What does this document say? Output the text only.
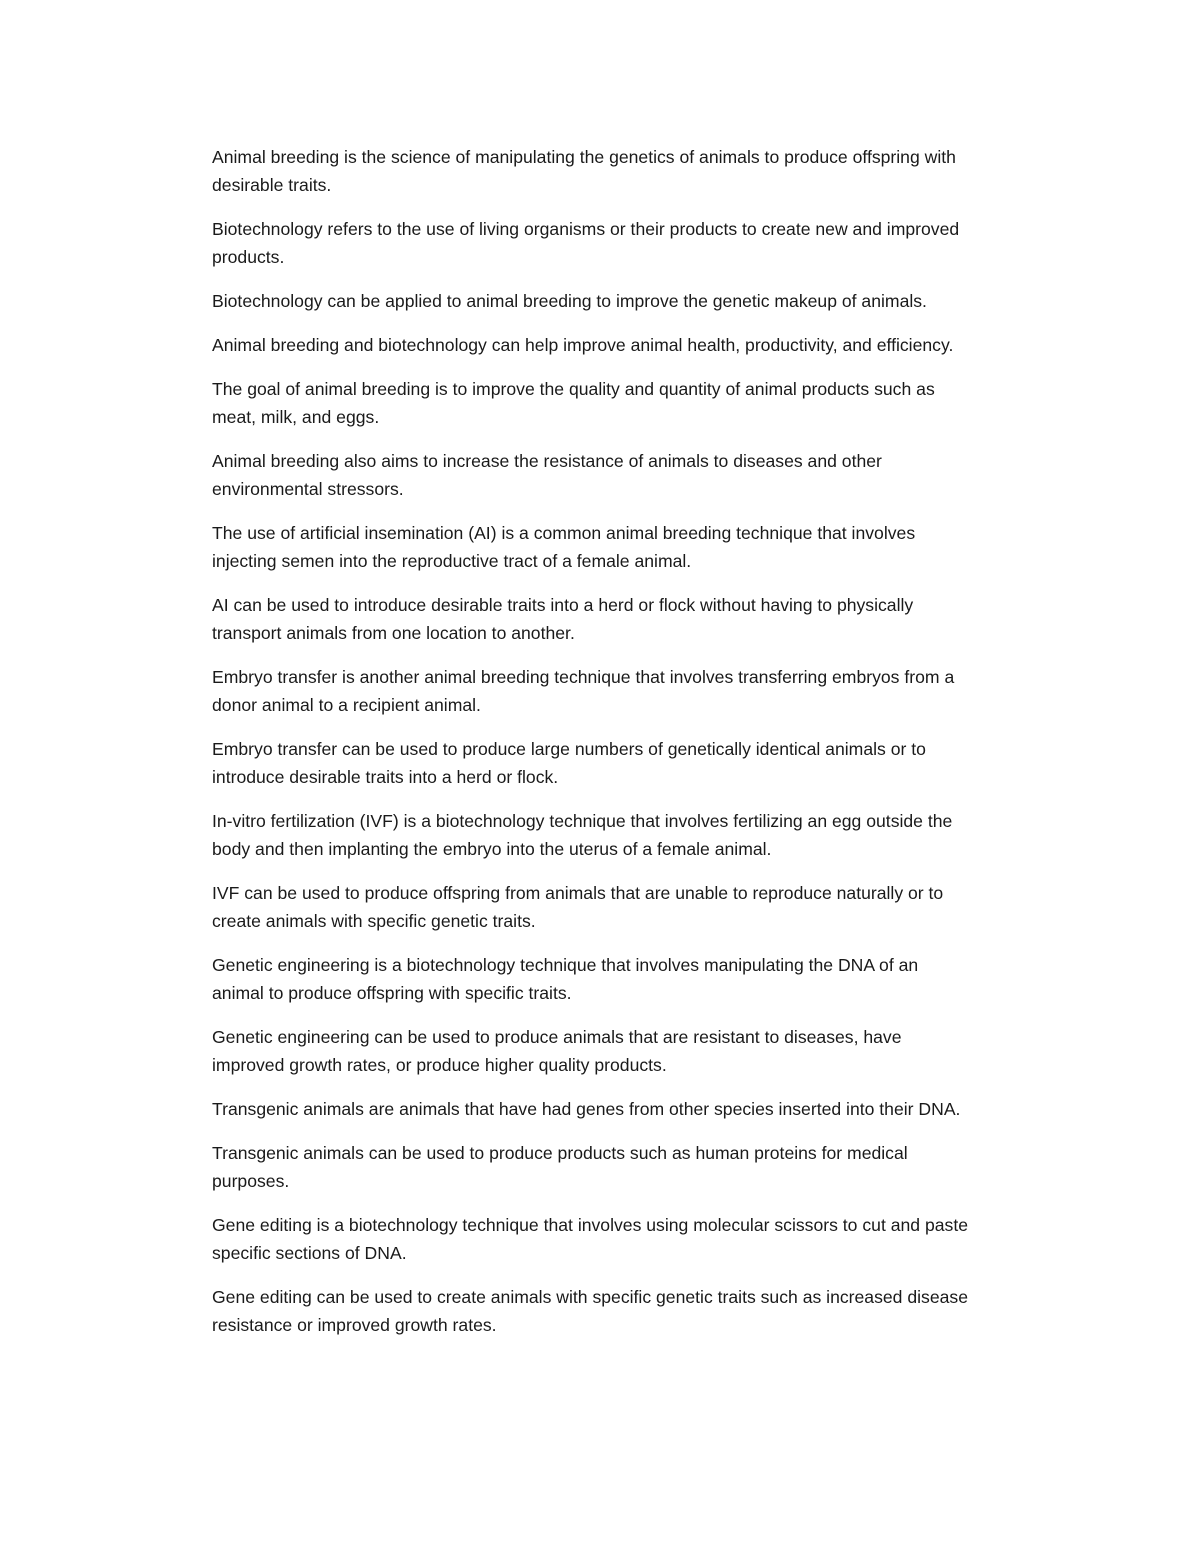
Animal breeding is the science of manipulating the genetics of animals to produce offspring with
desirable traits.

Biotechnology refers to the use of living organisms or their products to create new and improved
products.

Biotechnology can be applied to animal breeding to improve the genetic makeup of animals.

Animal breeding and biotechnology can help improve animal health, productivity, and efficiency.

The goal of animal breeding is to improve the quality and quantity of animal products such as
meat, milk, and eggs.

Animal breeding also aims to increase the resistance of animals to diseases and other
environmental stressors.

The use of artificial insemination (AI) is a common animal breeding technique that involves
injecting semen into the reproductive tract of a female animal.

AI can be used to introduce desirable traits into a herd or flock without having to physically
transport animals from one location to another.

Embryo transfer is another animal breeding technique that involves transferring embryos from a
donor animal to a recipient animal.

Embryo transfer can be used to produce large numbers of genetically identical animals or to
introduce desirable traits into a herd or flock.

In-vitro fertilization (IVF) is a biotechnology technique that involves fertilizing an egg outside the
body and then implanting the embryo into the uterus of a female animal.

IVF can be used to produce offspring from animals that are unable to reproduce naturally or to
create animals with specific genetic traits.

Genetic engineering is a biotechnology technique that involves manipulating the DNA of an
animal to produce offspring with specific traits.

Genetic engineering can be used to produce animals that are resistant to diseases, have
improved growth rates, or produce higher quality products.

Transgenic animals are animals that have had genes from other species inserted into their DNA.

Transgenic animals can be used to produce products such as human proteins for medical
purposes.

Gene editing is a biotechnology technique that involves using molecular scissors to cut and paste
specific sections of DNA.

Gene editing can be used to create animals with specific genetic traits such as increased disease
resistance or improved growth rates.
